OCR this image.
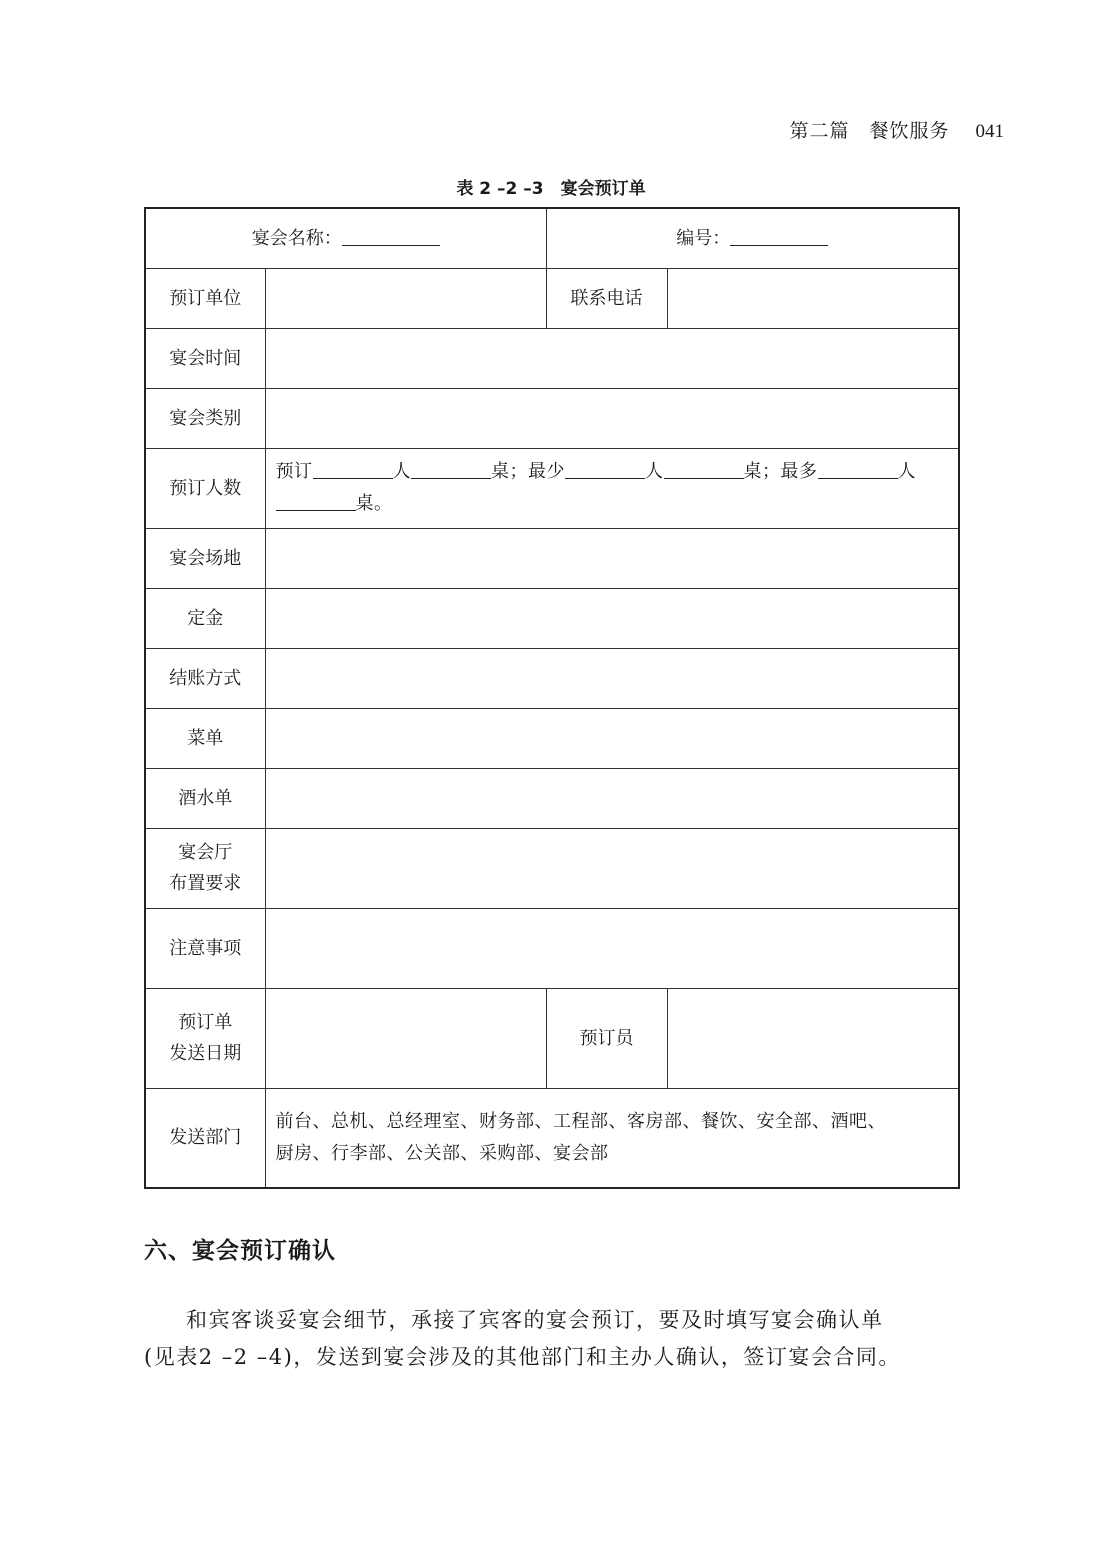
第二篇　餐饮服务 041
表 2 –2 –3　宴会预订单
宴会名称：		编号：	
预订单位		联系电话	
宴会时间			
宴会类别			
预订人数	预订 人 桌；最少 人 桌；最多 人
桌。		
宴会场地			
定金			
结账方式			
菜单			
酒水单			
宴会厅
布置要求			
注意事项			
预订单
发送日期		预订员	
发送部门	前台、总机、总经理室、财务部、工程部、客房部、餐饮、安全部、酒吧、
厨房、行李部、公关部、采购部、宴会部		
六、宴会预订确认
和宾客谈妥宴会细节，承接了宾客的宴会预订，要及时填写宴会确认单
(见表2 –2 –4)，发送到宴会涉及的其他部门和主办人确认，签订宴会合同。
